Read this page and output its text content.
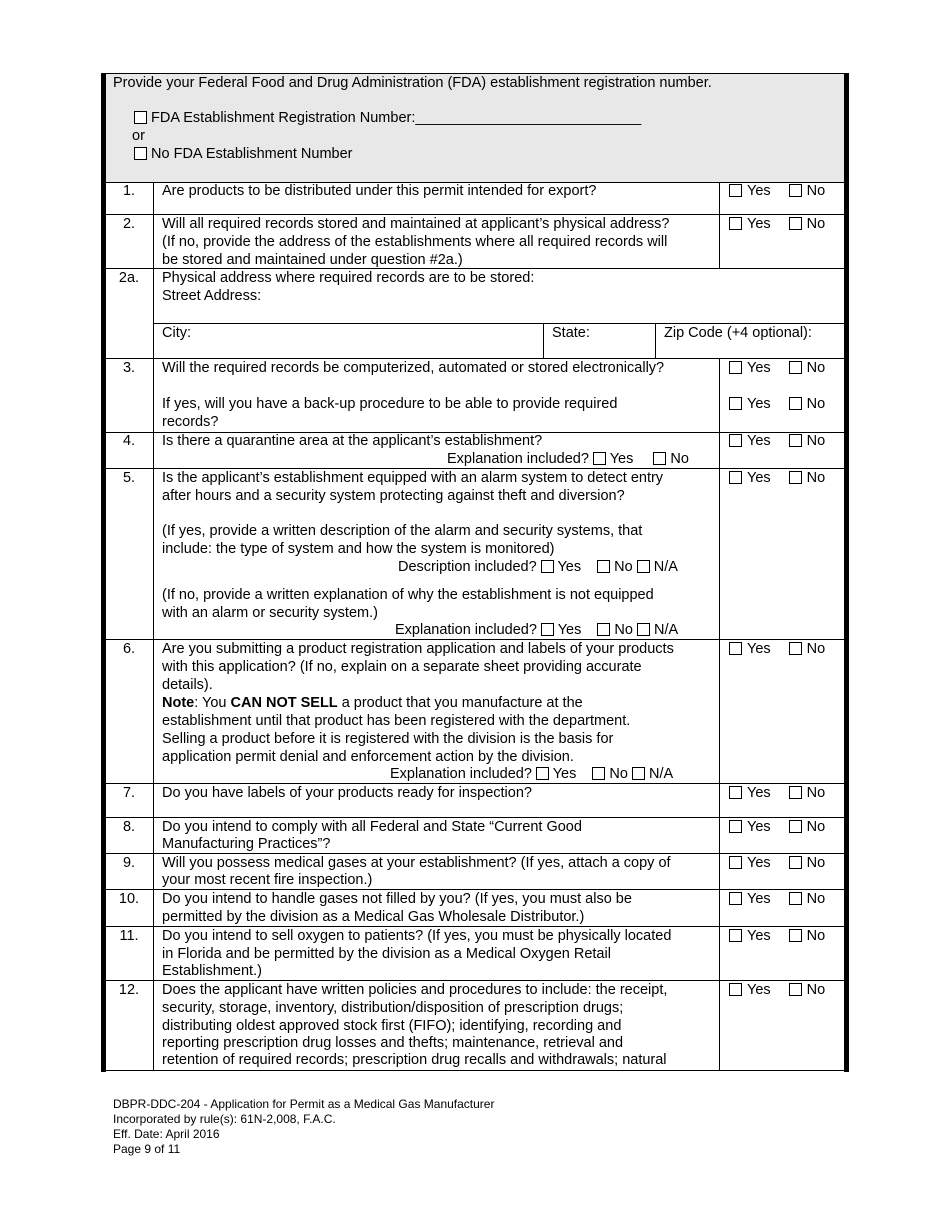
Provide your Federal Food and Drug Administration (FDA) establishment registration number.
FDA Establishment Registration Number:____________________________
or
No FDA Establishment Number
1.	Are products to be distributed under this permit intended for export?	Yes No
2.	Will all required records stored and maintained at applicant’s physical address?
(If no, provide the address of the establishments where all required records will
be stored and maintained under question #2a.)
Yes No
2a.	Physical address where required records are to be stored:
Street Address:
City:	State:	Zip Code (+4 optional):
3.	Will the required records be computerized, automated or stored electronically?	Yes No
If yes, will you have a back-up procedure to be able to provide required
records?
Yes No
4.	Is there a quarantine area at the applicant’s establishment?	Yes No
Explanation included? Yes	No
5.	Is the applicant’s establishment equipped with an alarm system to detect entry
after hours and a security system protecting against theft and diversion?
Yes No
(If yes, provide a written description of the alarm and security systems, that
include: the type of system and how the system is monitored)
Description included? Yes No N/A
(If no, provide a written explanation of why the establishment is not equipped
with an alarm or security system.)
Explanation included? Yes No N/A
6.	Are you submitting a product registration application and labels of your products
with this application? (If no, explain on a separate sheet providing accurate
details).
Yes No
Note: You CAN NOT SELL a product that you manufacture at the
establishment until that product has been registered with the department.
Selling a product before it is registered with the division is the basis for
application permit denial and enforcement action by the division.
Explanation included? Yes No N/A
7.	Do you have labels of your products ready for inspection?	Yes No
8.	Do you intend to comply with all Federal and State “Current Good
Manufacturing Practices”?
Yes No
9.	Will you possess medical gases at your establishment? (If yes, attach a copy of
your most recent fire inspection.)
Yes No
10.	Do you intend to handle gases not filled by you? (If yes, you must also be
permitted by the division as a Medical Gas Wholesale Distributor.)
Yes No
11.	Do you intend to sell oxygen to patients? (If yes, you must be physically located
in Florida and be permitted by the division as a Medical Oxygen Retail
Establishment.)
Yes No
12.	Does the applicant have written policies and procedures to include: the receipt,
security, storage, inventory, distribution/disposition of prescription drugs;
distributing oldest approved stock first (FIFO); identifying, recording and
reporting prescription drug losses and thefts; maintenance, retrieval and
retention of required records; prescription drug recalls and withdrawals; natural
Yes No
DBPR-DDC-204 - Application for Permit as a Medical Gas Manufacturer
Incorporated by rule(s): 61N-2,008, F.A.C.
Eff. Date: April 2016
Page 9 of 11
